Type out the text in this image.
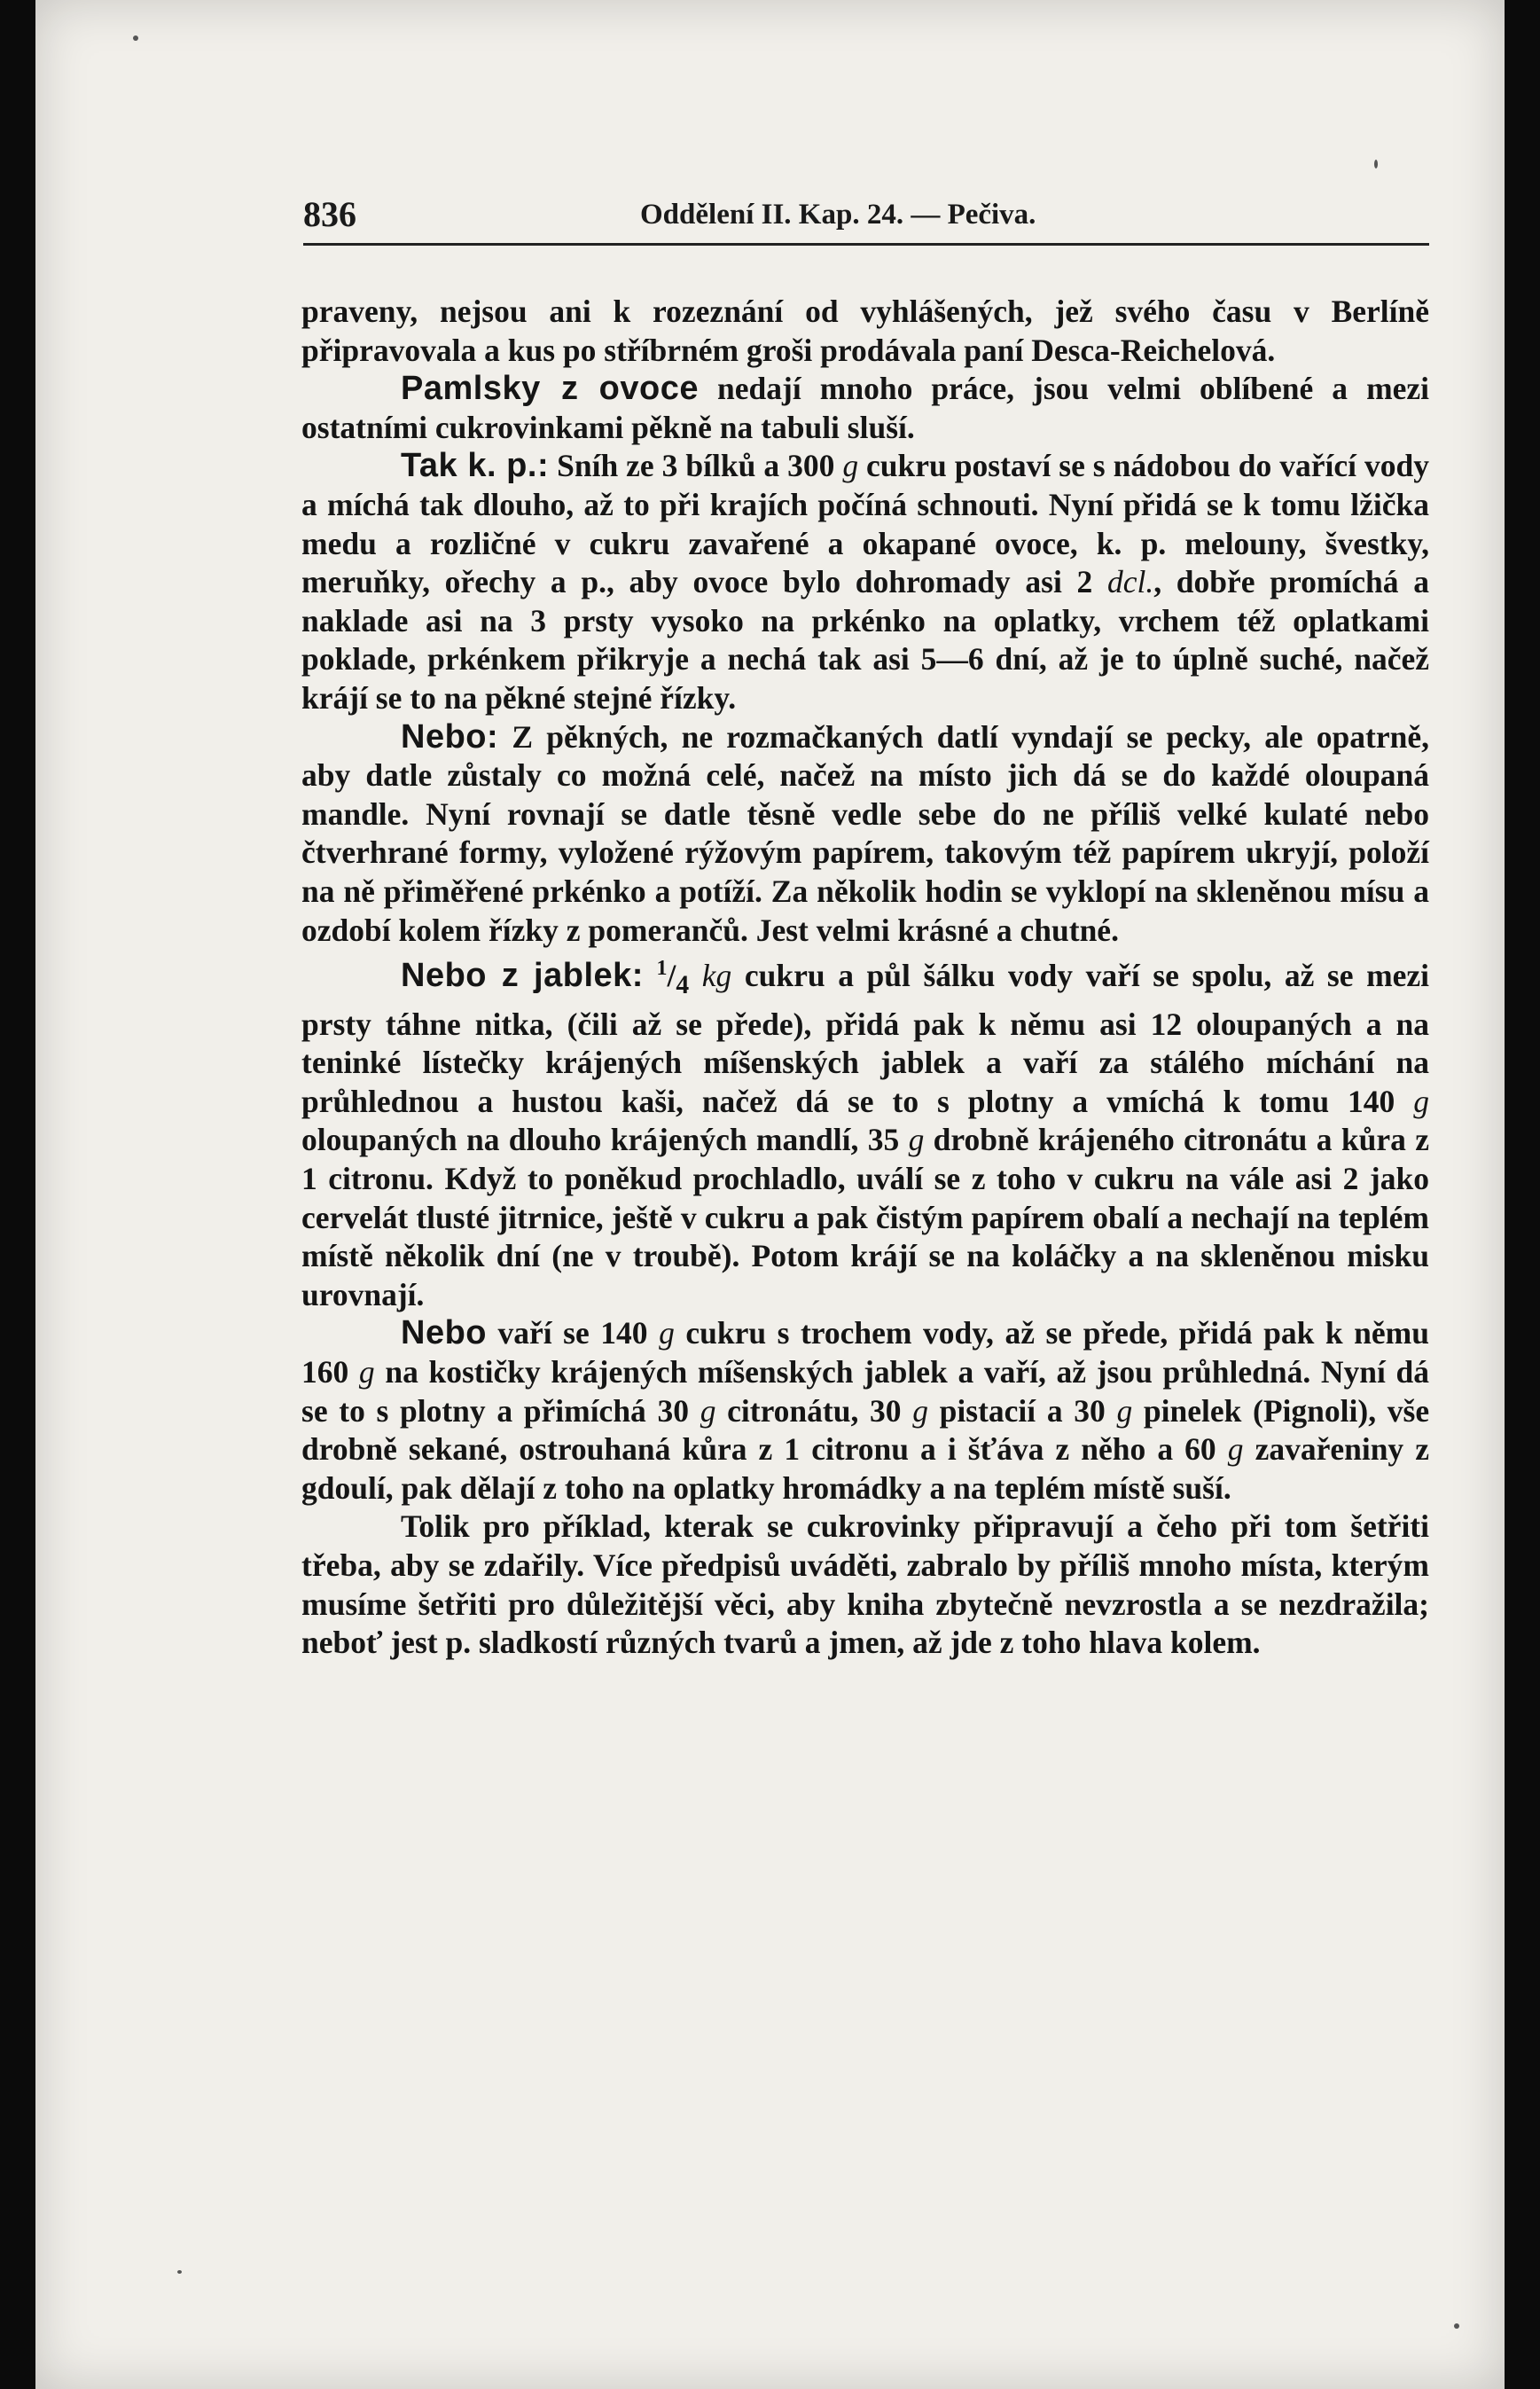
836	Oddělení II. Kap. 24. — Pečiva.

praveny, nejsou ani k rozeznání od vyhlášených, jež svého času v Berlíně připravovala a kus po stříbrném groši prodávala paní Desca-Reichelová.

Pamlsky z ovoce nedají mnoho práce, jsou velmi oblíbené a mezi ostatními cukrovinkami pěkně na tabuli sluší.

Tak k. p.: Sníh ze 3 bílků a 300 g cukru postaví se s nádobou do vařící vody a míchá tak dlouho, až to při krajích počíná schnouti. Nyní přidá se k tomu lžička medu a rozličné v cukru zavařené a okapané ovoce, k. p. melouny, švestky, meruňky, ořechy a p., aby ovoce bylo dohromady asi 2 dcl., dobře promíchá a naklade asi na 3 prsty vysoko na prkénko na oplatky, vrchem též oplatkami poklade, prkénkem přikryje a nechá tak asi 5—6 dní, až je to úplně suché, načež krájí se to na pěkné stejné řízky.

Nebo: Z pěkných, ne rozmačkaných datlí vyndají se pecky, ale opatrně, aby datle zůstaly co možná celé, načež na místo jich dá se do každé oloupaná mandle. Nyní rovnají se datle těsně vedle sebe do ne příliš velké kulaté nebo čtverhrané formy, vyložené rýžovým papírem, takovým též papírem ukryjí, položí na ně přiměřené prkénko a potíží. Za několik hodin se vyklopí na skleněnou mísu a ozdobí kolem řízky z pomerančů. Jest velmi krásné a chutné.

Nebo z jablek: $^1/_4$ kg cukru a půl šálku vody vaří se spolu, až se mezi prsty táhne nitka, (čili až se přede), přidá pak k němu asi 12 oloupaných a na teninké lístečky krájených míšenských jablek a vaří za stálého míchání na průhlednou a hustou kaši, načež dá se to s plotny a vmíchá k tomu 140 g oloupaných na dlouho krájených mandlí, 35 g drobně krájeného citronátu a kůra z 1 citronu. Když to poněkud prochladlo, uválí se z toho v cukru na vále asi 2 jako cervelát tlusté jitrnice, ještě v cukru a pak čistým papírem obalí a nechají na teplém místě několik dní (ne v troubě). Potom krájí se na koláčky a na skleněnou misku urovnají.

Nebo vaří se 140 g cukru s trochem vody, až se přede, přidá pak k němu 160 g na kostičky krájených míšenských jablek a vaří, až jsou průhledná. Nyní dá se to s plotny a přimíchá 30 g citronátu, 30 g pistacií a 30 g pinelek (Pignoli), vše drobně sekané, ostrouhaná kůra z 1 citronu a i šťáva z něho a 60 g zavařeniny z gdoulí, pak dělají z toho na oplatky hromádky a na teplém místě suší.

Tolik pro příklad, kterak se cukrovinky připravují a čeho při tom šetřiti třeba, aby se zdařily. Více předpisů uváděti, zabralo by příliš mnoho místa, kterým musíme šetřiti pro důležitější věci, aby kniha zbytečně nevzrostla a se nezdražila; neboť jest p. sladkostí různých tvarů a jmen, až jde z toho hlava kolem.
